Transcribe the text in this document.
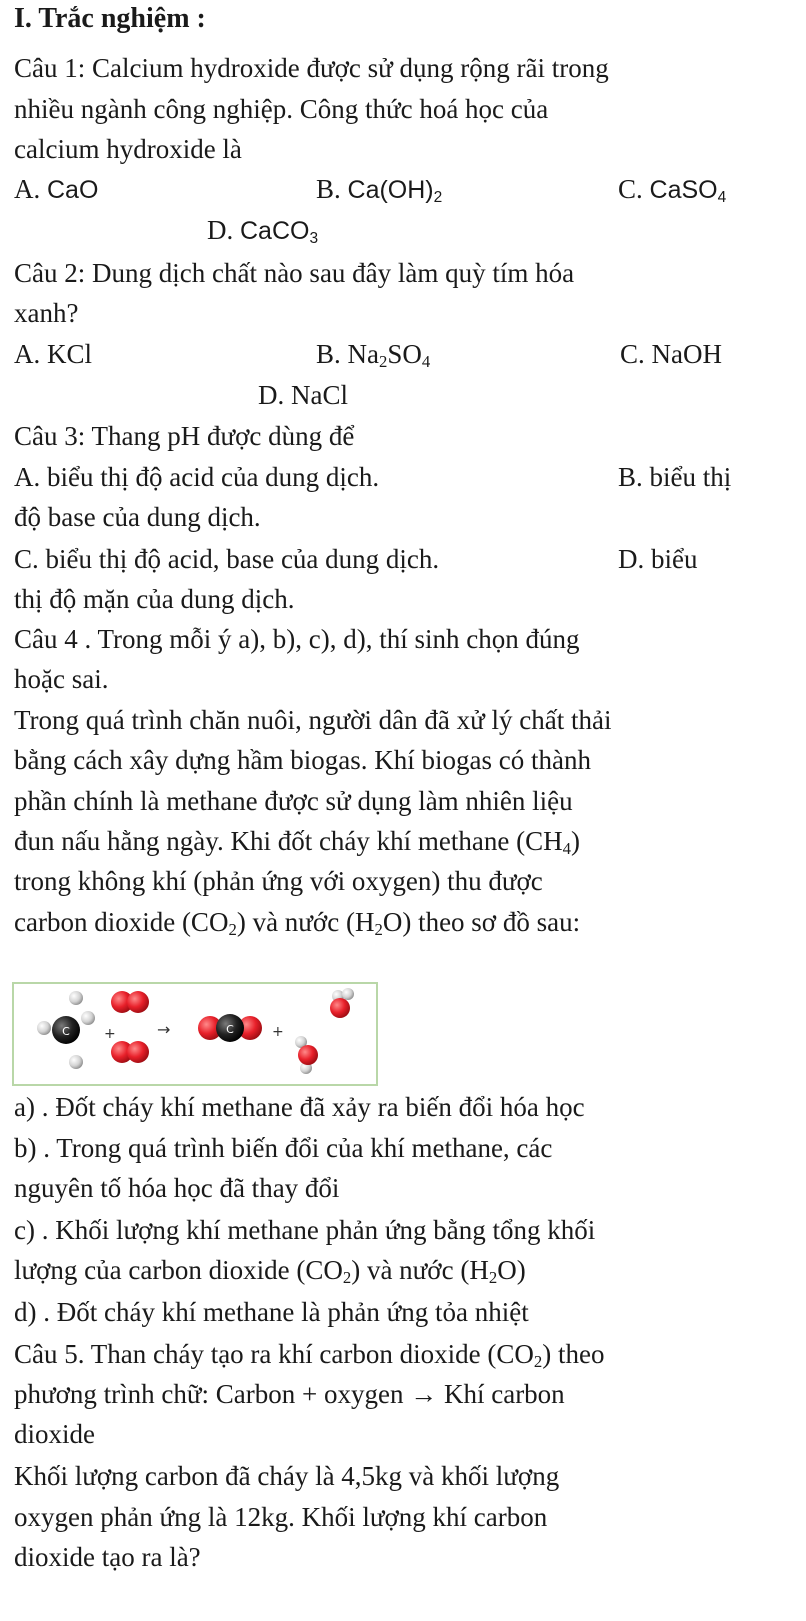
I. Trắc nghiệm :
Câu 1: Calcium hydroxide được sử dụng rộng rãi trong
nhiều ngành công nghiệp. Công thức hoá học của
calcium hydroxide là
A. CaO	B. $Ca(OH)_2$	C. CaSO$_4$
D. CaCO$_3$
Câu 2: Dung dịch chất nào sau đây làm quỳ tím hóa
xanh?
A. KCl	B. $Na_2SO_4$	C. NaOH
D. NaCl
Câu 3: Thang pH được dùng để
A. biểu thị độ acid của dung dịch.	B. biểu thị
độ base của dung dịch.
C. biểu thị độ acid, base của dung dịch.	D. biểu
thị độ mặn của dung dịch.
Câu 4 . Trong mỗi ý a), b), c), d), thí sinh chọn đúng
hoặc sai.
Trong quá trình chăn nuôi, người dân đã xử lý chất thải
bằng cách xây dựng hầm biogas. Khí biogas có thành
phần chính là methane được sử dụng làm nhiên liệu
đun nấu hằng ngày. Khi đốt cháy khí methane $(CH_4)$
trong không khí (phản ứng với oxygen) thu được
carbon dioxide $(CO_2)$ và nước $(H_2O)$ theo sơ đồ sau:
C +	→	C	+
a) . Đốt cháy khí methane đã xảy ra biến đổi hóa học
b) . Trong quá trình biến đổi của khí methane, các
nguyên tố hóa học đã thay đổi
c) . Khối lượng khí methane phản ứng bằng tổng khối
lượng của carbon dioxide $(CO_2)$ và nước $(H_2O)$
d) . Đốt cháy khí methane là phản ứng tỏa nhiệt
Câu 5. Than cháy tạo ra khí carbon dioxide $(CO_2)$ theo
phương trình chữ: Carbon + oxygen → Khí carbon
dioxide
Khối lượng carbon đã cháy là 4,5kg và khối lượng
oxygen phản ứng là 12kg. Khối lượng khí carbon
dioxide tạo ra là?
